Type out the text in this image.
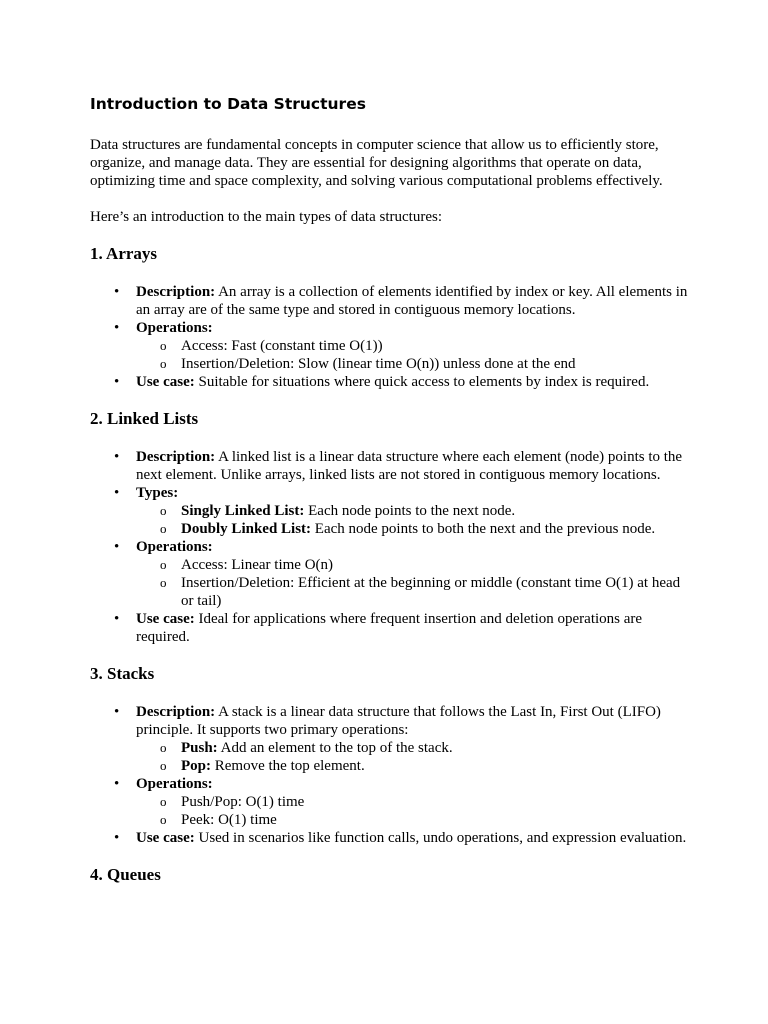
Introduction to Data Structures

Data structures are fundamental concepts in computer science that allow us to efficiently store, organize, and manage data. They are essential for designing algorithms that operate on data, optimizing time and space complexity, and solving various computational problems effectively.

Here’s an introduction to the main types of data structures:

1. Arrays
• Description: An array is a collection of elements identified by index or key. All elements in an array are of the same type and stored in contiguous memory locations.
• Operations:
o Access: Fast (constant time O(1))
o Insertion/Deletion: Slow (linear time O(n)) unless done at the end
• Use case: Suitable for situations where quick access to elements by index is required.
2. Linked Lists
• Description: A linked list is a linear data structure where each element (node) points to the next element. Unlike arrays, linked lists are not stored in contiguous memory locations.
• Types:
o Singly Linked List: Each node points to the next node.
o Doubly Linked List: Each node points to both the next and the previous node.
• Operations:
o Access: Linear time O(n)
o Insertion/Deletion: Efficient at the beginning or middle (constant time O(1) at head or tail)
• Use case: Ideal for applications where frequent insertion and deletion operations are required.
3. Stacks
• Description: A stack is a linear data structure that follows the Last In, First Out (LIFO) principle. It supports two primary operations:
o Push: Add an element to the top of the stack.
o Pop: Remove the top element.
• Operations:
o Push/Pop: O(1) time
o Peek: O(1) time
• Use case: Used in scenarios like function calls, undo operations, and expression evaluation.
4. Queues
